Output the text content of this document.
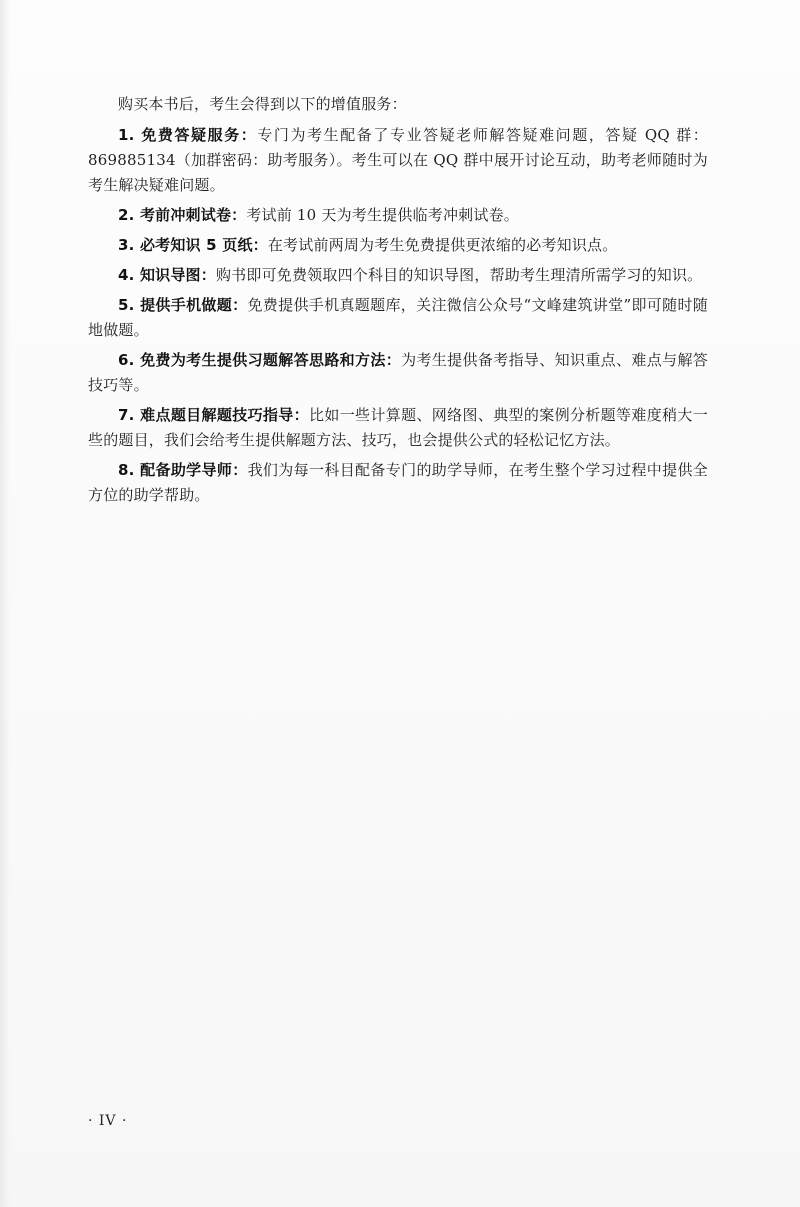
购买本书后，考生会得到以下的增值服务：

1. 免费答疑服务：专门为考生配备了专业答疑老师解答疑难问题，答疑 QQ 群：869885134（加群密码：助考服务）。考生可以在 QQ 群中展开讨论互动，助考老师随时为考生解决疑难问题。

2. 考前冲刺试卷：考试前 10 天为考生提供临考冲刺试卷。

3. 必考知识 5 页纸：在考试前两周为考生免费提供更浓缩的必考知识点。

4. 知识导图：购书即可免费领取四个科目的知识导图，帮助考生理清所需学习的知识。

5. 提供手机做题：免费提供手机真题题库，关注微信公众号“文峰建筑讲堂”即可随时随地做题。

6. 免费为考生提供习题解答思路和方法：为考生提供备考指导、知识重点、难点与解答技巧等。

7. 难点题目解题技巧指导：比如一些计算题、网络图、典型的案例分析题等难度稍大一些的题目，我们会给考生提供解题方法、技巧，也会提供公式的轻松记忆方法。

8. 配备助学导师：我们为每一科目配备专门的助学导师，在考生整个学习过程中提供全方位的助学帮助。

· IV ·
